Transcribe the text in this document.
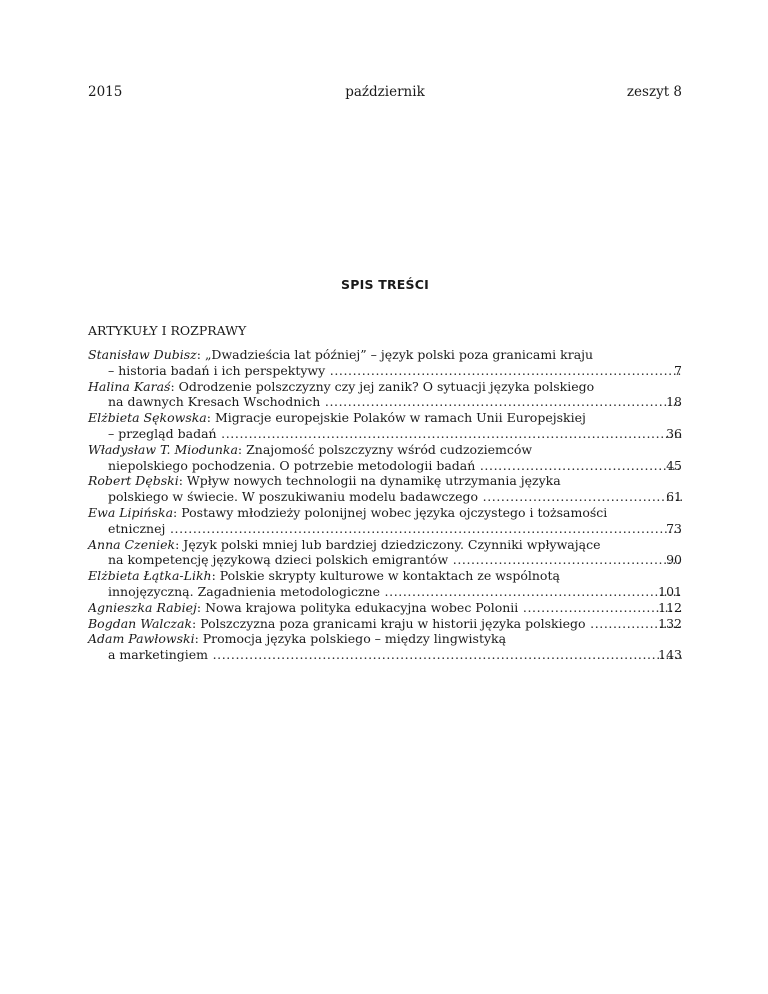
2015	październik	zeszyt 8
SPIS TREŚCI
ARTYKUŁY I ROZPRAWY
Stanisław Dubisz: „Dwadzieścia lat później” – język polski poza granicami kraju
– historia badań i ich perspektywy .....	7
Halina Karaś: Odrodzenie polszczyzny czy jej zanik? O sytuacji języka polskiego
na dawnych Kresach Wschodnich .....	18
Elżbieta Sękowska: Migracje europejskie Polaków w ramach Unii Europejskiej
– przegląd badań .....	36
Władysław T. Miodunka: Znajomość polszczyzny wśród cudzoziemców
niepolskiego pochodzenia. O potrzebie metodologii badań .....	45
Robert Dębski: Wpływ nowych technologii na dynamikę utrzymania języka
polskiego w świecie. W poszukiwaniu modelu badawczego .....	61
Ewa Lipińska: Postawy młodzieży polonijnej wobec języka ojczystego i tożsamości
etnicznej .....	73
Anna Czeniek: Język polski mniej lub bardziej dziedziczony. Czynniki wpływające
na kompetencję językową dzieci polskich emigrantów .....	90
Elżbieta Łątka-Likh: Polskie skrypty kulturowe w kontaktach ze wspólnotą
innojęzyczną. Zagadnienia metodologiczne .....	101
Agnieszka Rabiej: Nowa krajowa polityka edukacyjna wobec Polonii .....	112
Bogdan Walczak: Polszczyzna poza granicami kraju w historii języka polskiego .....	132
Adam Pawłowski: Promocja języka polskiego – między lingwistyką
a marketingiem .....	143
